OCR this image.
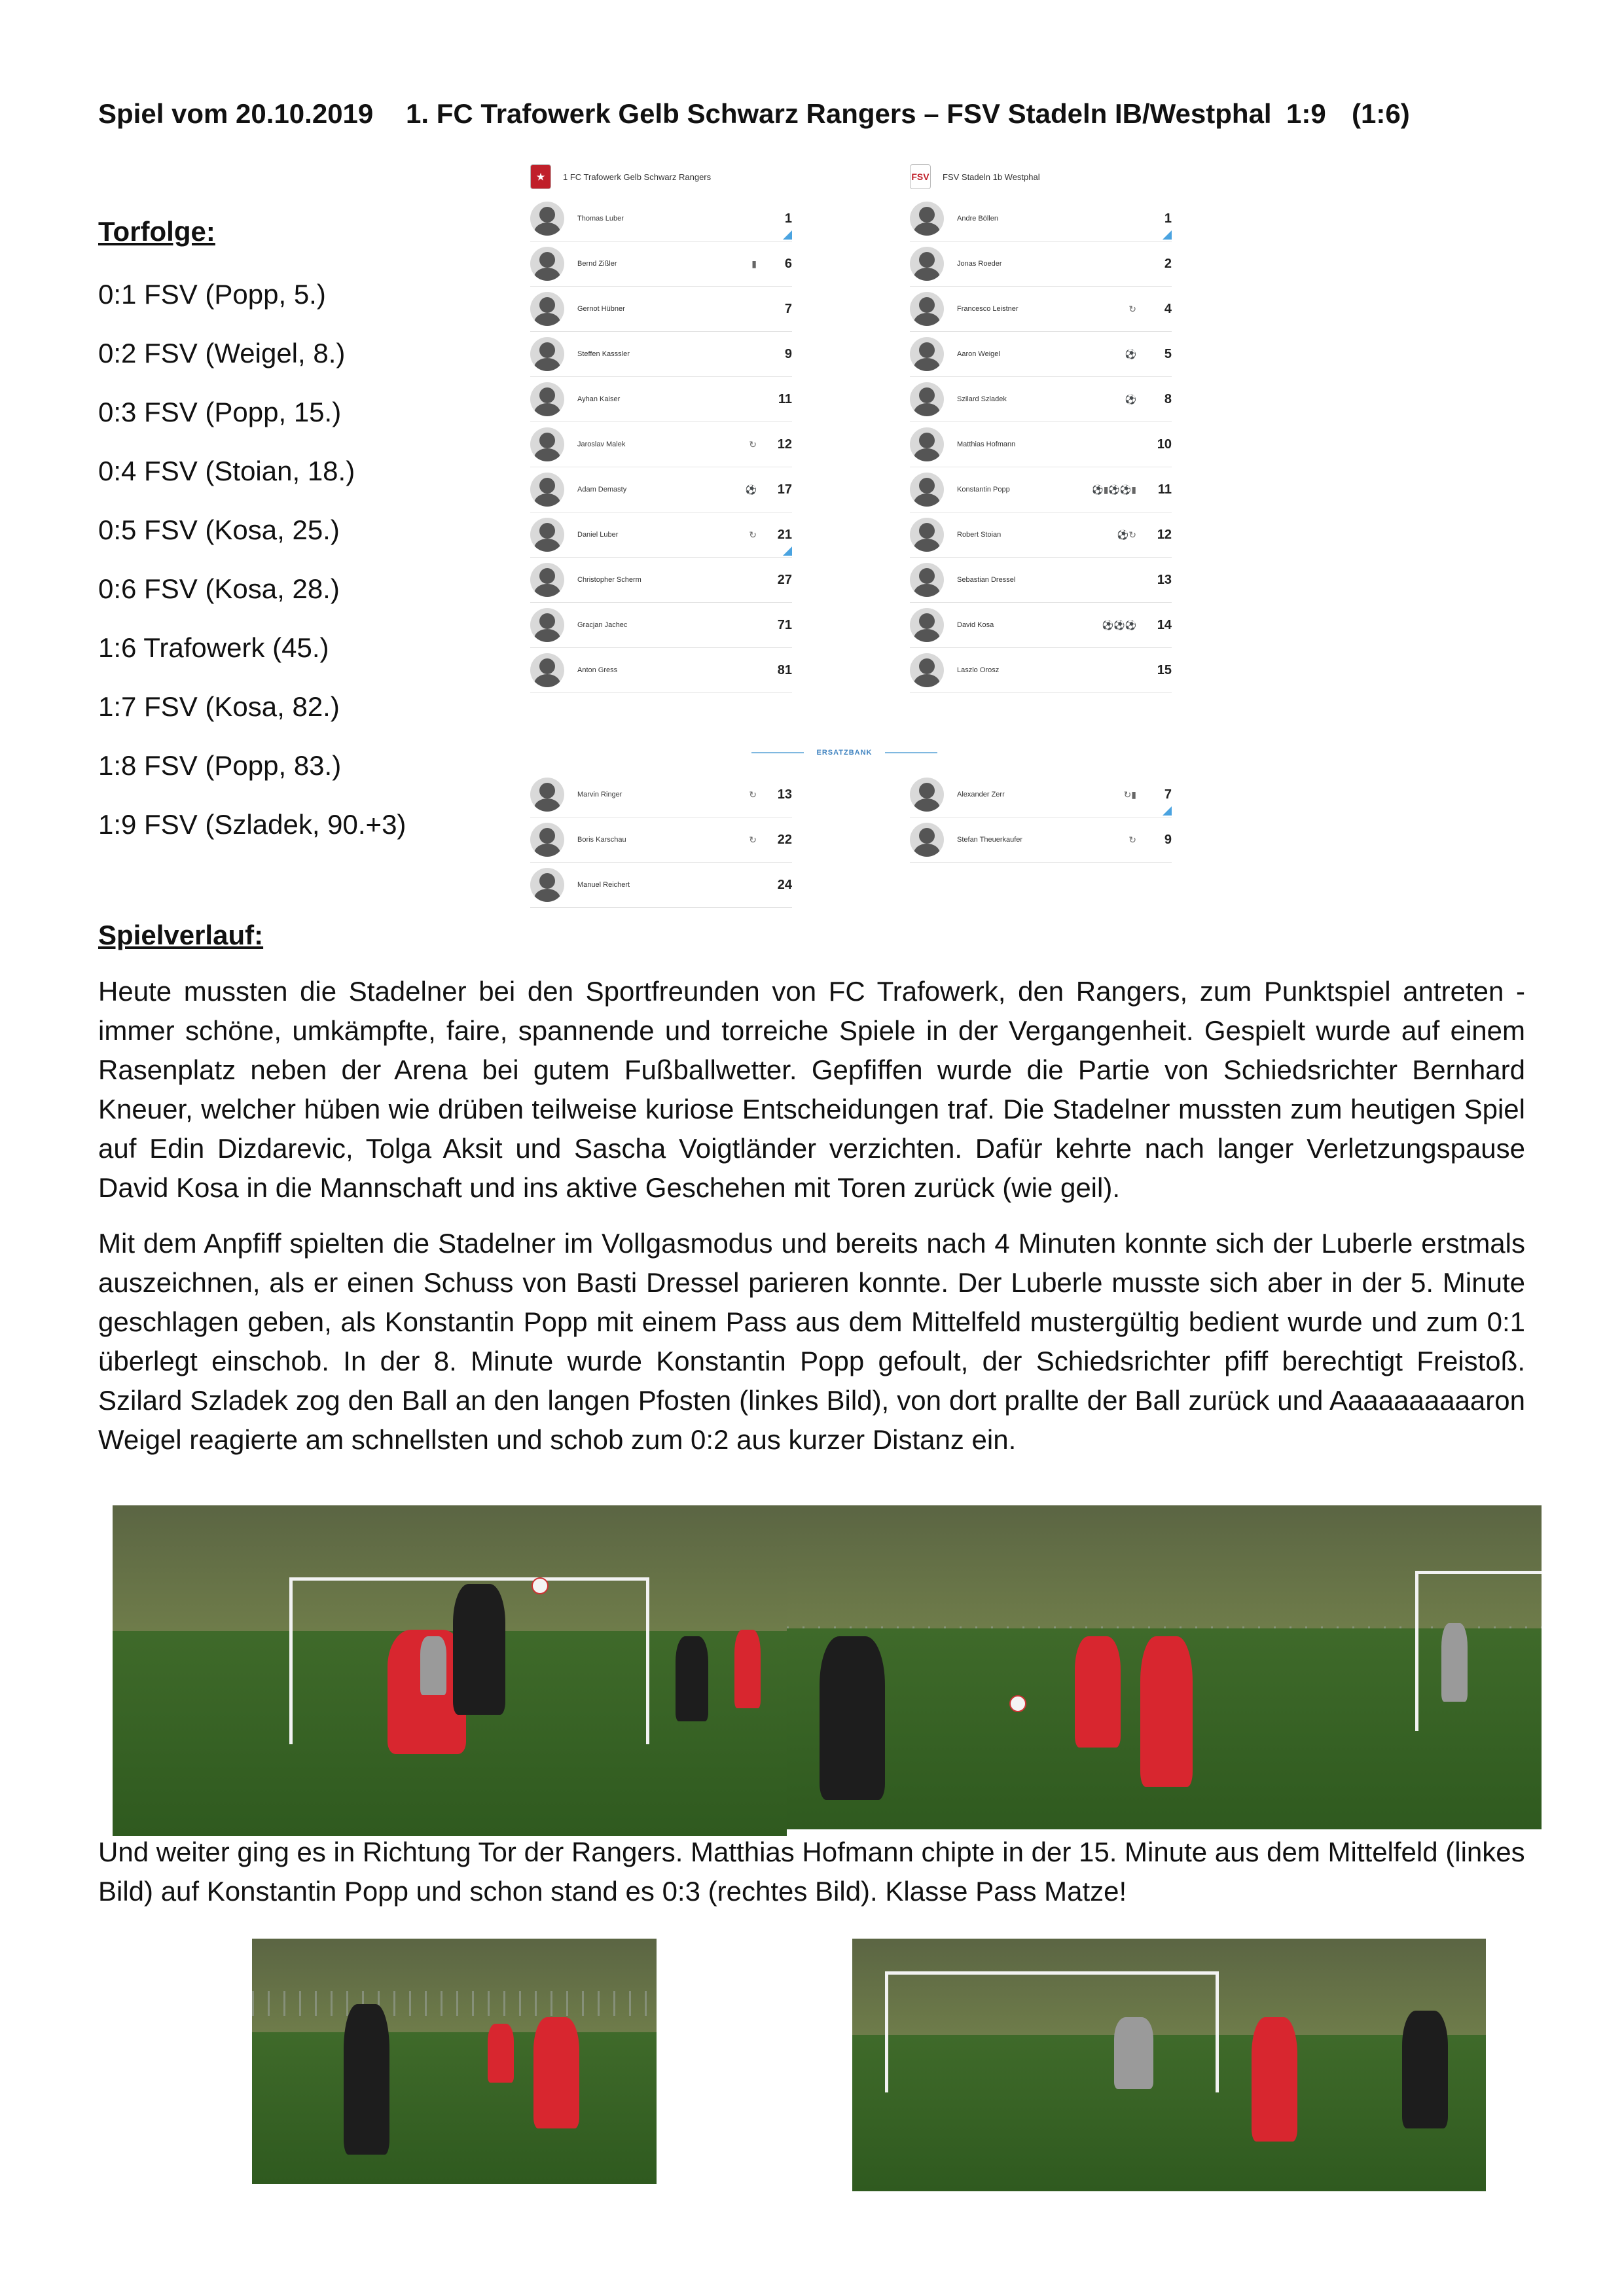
Spiel vom 20.10.2019 1. FC Trafowerk Gelb Schwarz Rangers – FSV Stadeln IB/Westphal 1:9 (1:6)
Torfolge:
0:1 FSV (Popp, 5.)
0:2 FSV (Weigel, 8.)
0:3 FSV (Popp, 15.)
0:4 FSV (Stoian, 18.)
0:5 FSV (Kosa, 25.)
0:6 FSV (Kosa, 28.)
1:6 Trafowerk (45.)
1:7 FSV (Kosa, 82.)
1:8 FSV (Popp, 83.)
1:9 FSV (Szladek, 90.+3)
★	1 FC Trafowerk Gelb Schwarz Rangers
Thomas Luber	1
Bernd Zißler	▮	6
Gernot Hübner	7
Steffen Kasssler	9
Ayhan Kaiser	11
Jaroslav Malek	↻	12
Adam Demasty	⚽	17
Daniel Luber	↻	21
Christopher Scherm	27
Gracjan Jachec	71
Anton Gress	81
FSV FSV Stadeln 1b Westphal
Andre Böllen	1
Jonas Roeder	2
Francesco Leistner	↻	4
Aaron Weigel	⚽	5
Szilard Szladek	⚽	8
Matthias Hofmann	10
Konstantin Popp	⚽▮⚽⚽▮	11
Robert Stoian	⚽↻	12
Sebastian Dressel	13
David Kosa	⚽⚽⚽	14
Laszlo Orosz	15
ERSATZBANK
Marvin Ringer	↻	13
Boris Karschau	↻	22
Manuel Reichert	24
Alexander Zerr	↻▮	7
Stefan Theuerkaufer	↻	9
Spielverlauf:
Heute mussten die Stadelner bei den Sportfreunden von FC Trafowerk, den Rangers, zum Punktspiel antreten - immer schöne, umkämpfte, faire, spannende und torreiche Spiele in der Vergangenheit. Gespielt wurde auf einem Rasenplatz neben der Arena bei gutem Fußballwetter. Gepfiffen wurde die Partie von Schiedsrichter Bernhard Kneuer, welcher hüben wie drüben teilweise kuriose Entscheidungen traf. Die Stadelner mussten zum heutigen Spiel auf Edin Dizdarevic, Tolga Aksit und Sascha Voigtländer verzichten. Dafür kehrte nach langer Verletzungspause David Kosa in die Mannschaft und ins aktive Geschehen mit Toren zurück (wie geil).
Mit dem Anpfiff spielten die Stadelner im Vollgasmodus und bereits nach 4 Minuten konnte sich der Luberle erstmals auszeichnen, als er einen Schuss von Basti Dressel parieren konnte. Der Luberle musste sich aber in der 5. Minute geschlagen geben, als Konstantin Popp mit einem Pass aus dem Mittelfeld mustergültig bedient wurde und zum 0:1 überlegt einschob. In der 8. Minute wurde Konstantin Popp gefoult, der Schiedsrichter pfiff berechtigt Freistoß. Szilard Szladek zog den Ball an den langen Pfosten (linkes Bild), von dort prallte der Ball zurück und Aaaaaaaaaaron Weigel reagierte am schnellsten und schob zum 0:2 aus kurzer Distanz ein.
Und weiter ging es in Richtung Tor der Rangers. Matthias Hofmann chipte in der 15. Minute aus dem Mittelfeld (linkes Bild) auf Konstantin Popp und schon stand es 0:3 (rechtes Bild). Klasse Pass Matze!
